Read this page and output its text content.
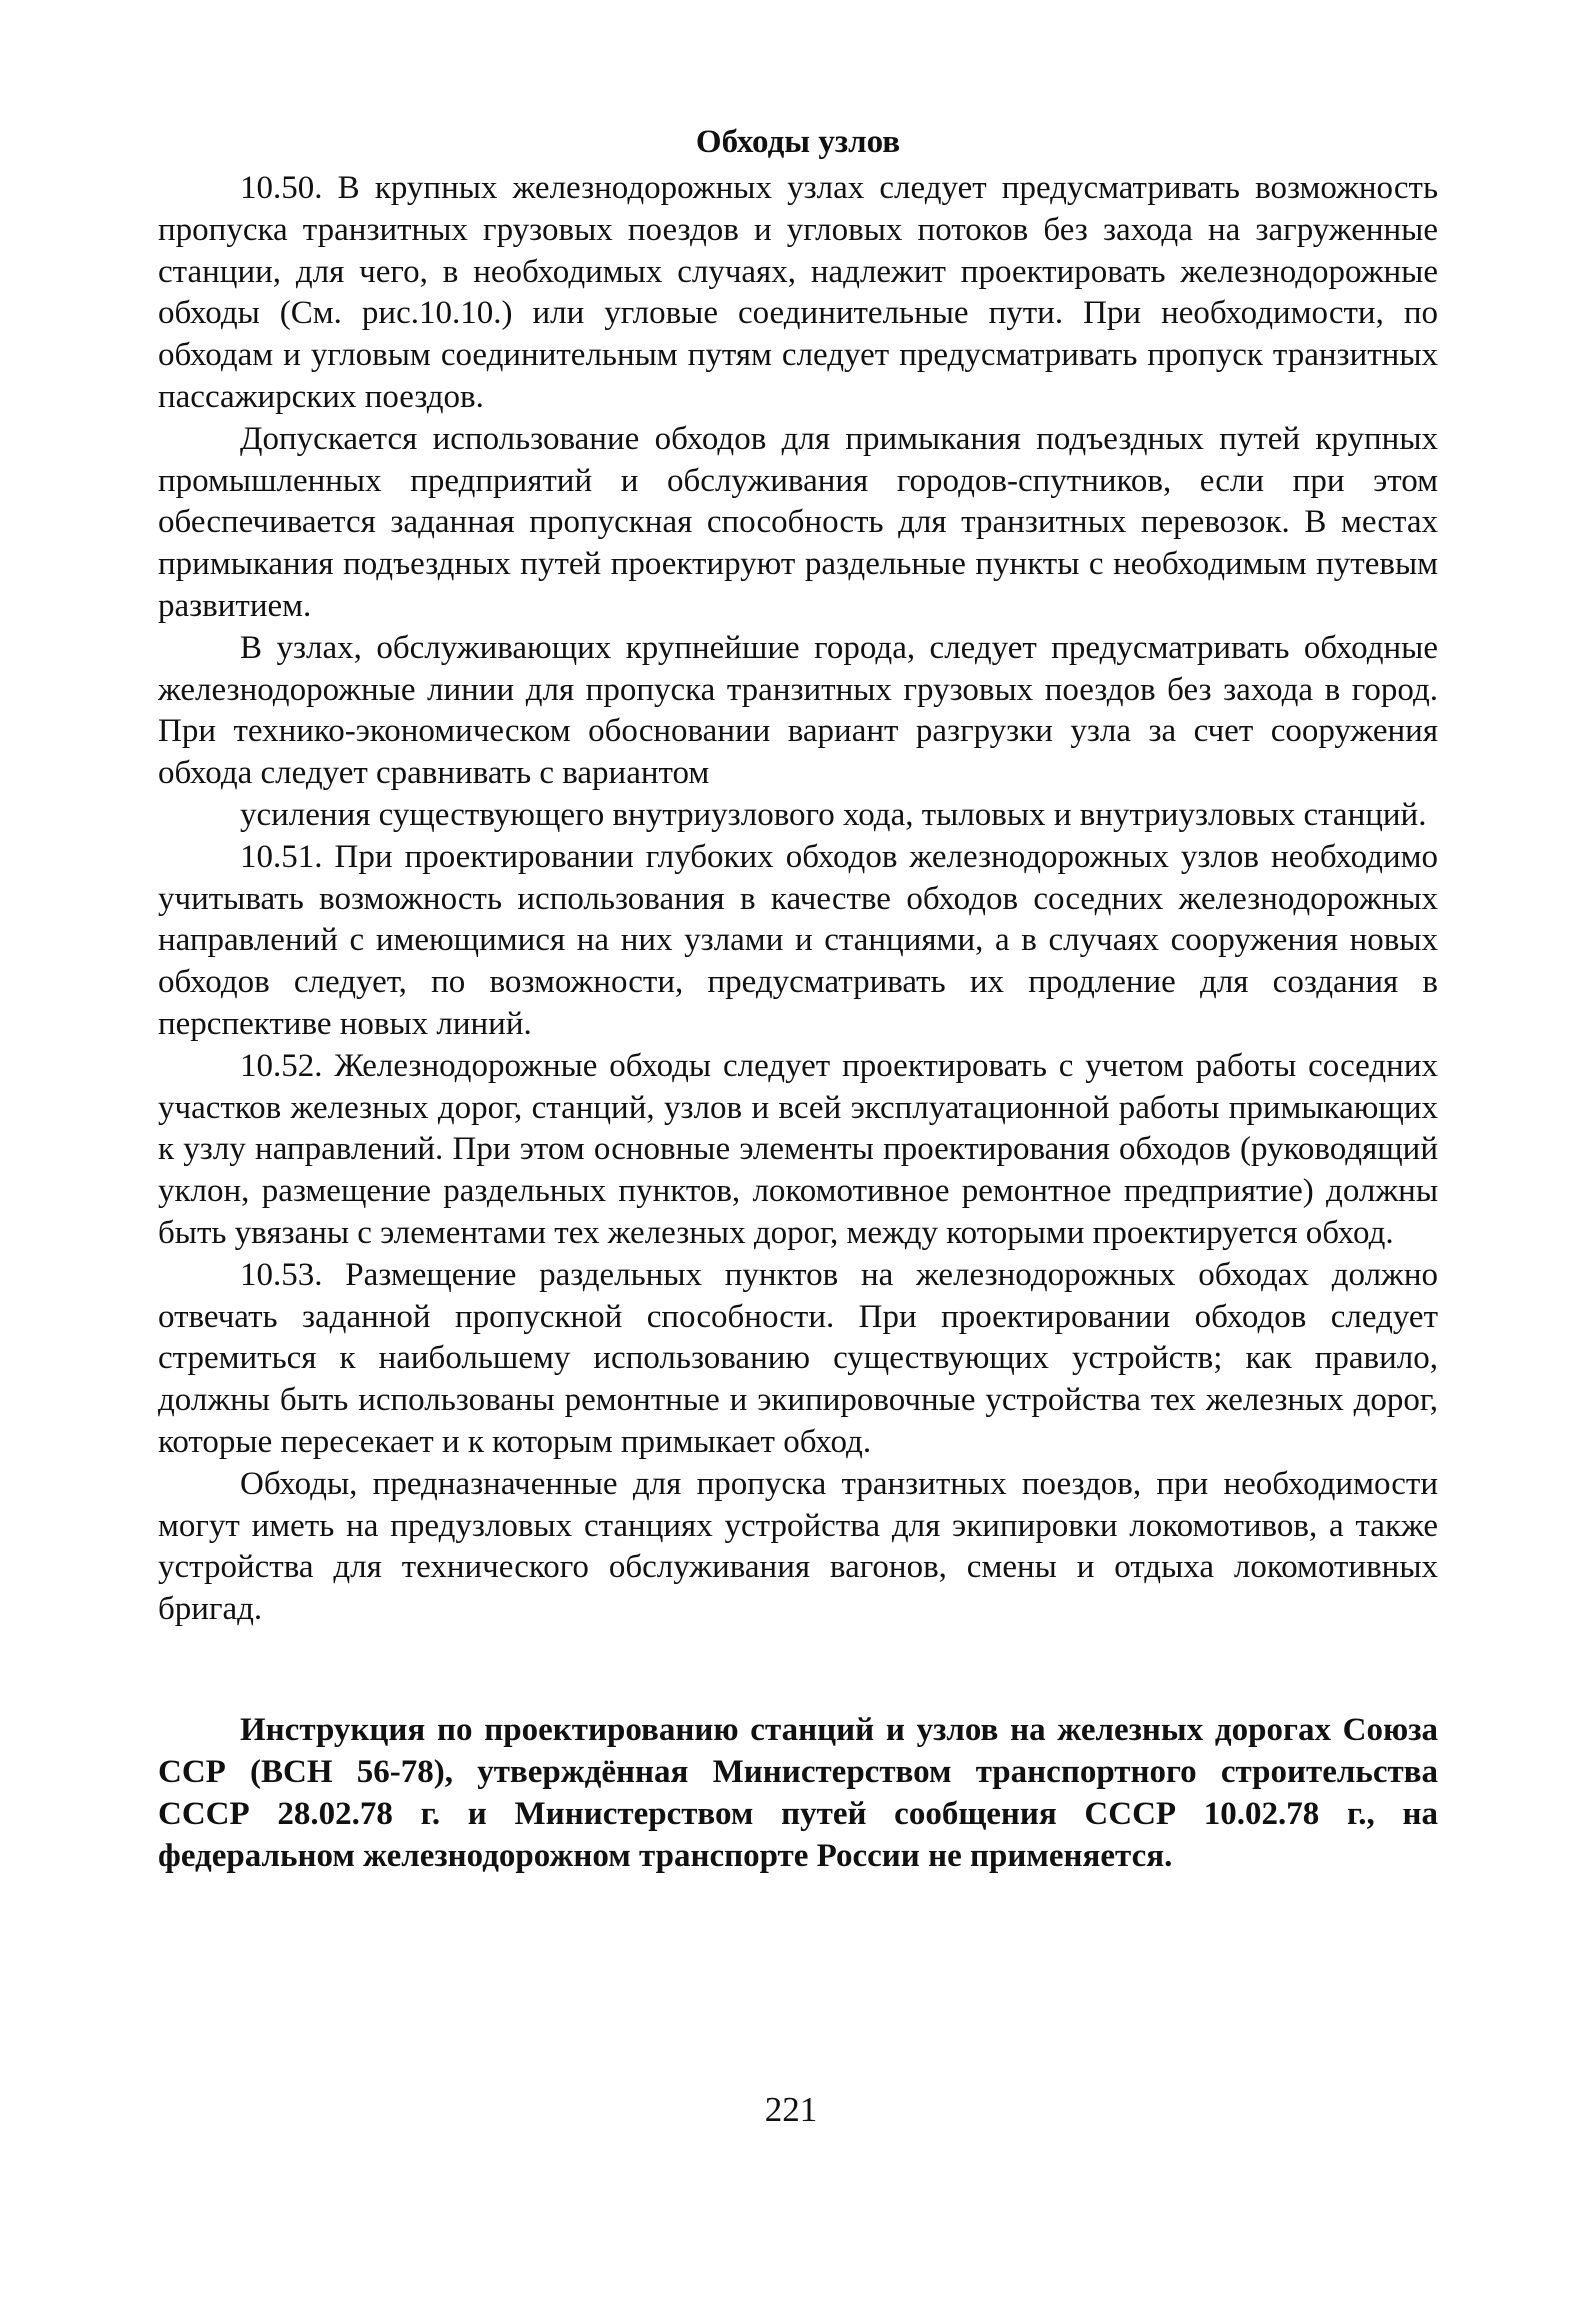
Обходы узлов

10.50. В крупных железнодорожных узлах следует предусматривать возможность пропуска транзитных грузовых поездов и угловых потоков без захода на загруженные станции, для чего, в необходимых случаях, надлежит проектировать железнодорожные обходы (См. рис.10.10.) или угловые соединительные пути. При необходимости, по обходам и угловым соединительным путям следует предусматривать пропуск транзитных пассажирских поездов.

Допускается использование обходов для примыкания подъездных путей крупных промышленных предприятий и обслуживания городов-спутников, если при этом обеспечивается заданная пропускная способность для транзитных перевозок. В местах примыкания подъездных путей проектируют раздельные пункты с необходимым путевым развитием.

В узлах, обслуживающих крупнейшие города, следует предусматривать обходные железнодорожные линии для пропуска транзитных грузовых поездов без захода в город. При технико-экономическом обосновании вариант разгрузки узла за счет сооружения обхода следует сравнивать с вариантом

усиления существующего внутриузлового хода, тыловых и внутриузловых станций.

10.51. При проектировании глубоких обходов железнодорожных узлов необходимо учитывать возможность использования в качестве обходов соседних железнодорожных направлений с имеющимися на них узлами и станциями, а в случаях сооружения новых обходов следует, по возможности, предусматривать их продление для создания в перспективе новых линий.

10.52. Железнодорожные обходы следует проектировать с учетом работы соседних участков железных дорог, станций, узлов и всей эксплуатационной работы примыкающих к узлу направлений. При этом основные элементы проектирования обходов (руководящий уклон, размещение раздельных пунктов, локомотивное ремонтное предприятие) должны быть увязаны с элементами тех железных дорог, между которыми проектируется обход.

10.53. Размещение раздельных пунктов на железнодорожных обходах должно отвечать заданной пропускной способности. При проектировании обходов следует стремиться к наибольшему использованию существующих устройств; как правило, должны быть использованы ремонтные и экипировочные устройства тех железных дорог, которые пересекает и к которым примыкает обход.

Обходы, предназначенные для пропуска транзитных поездов, при необходимости могут иметь на предузловых станциях устройства для экипировки локомотивов, а также устройства для технического обслуживания вагонов, смены и отдыха локомотивных бригад.

Инструкция по проектированию станций и узлов на железных дорогах Союза ССР (ВСН 56-78), утверждённая Министерством транспортного строительства СССР 28.02.78 г. и Министерством путей сообщения СССР 10.02.78 г., на федеральном железнодорожном транспорте России не применяется.

221
